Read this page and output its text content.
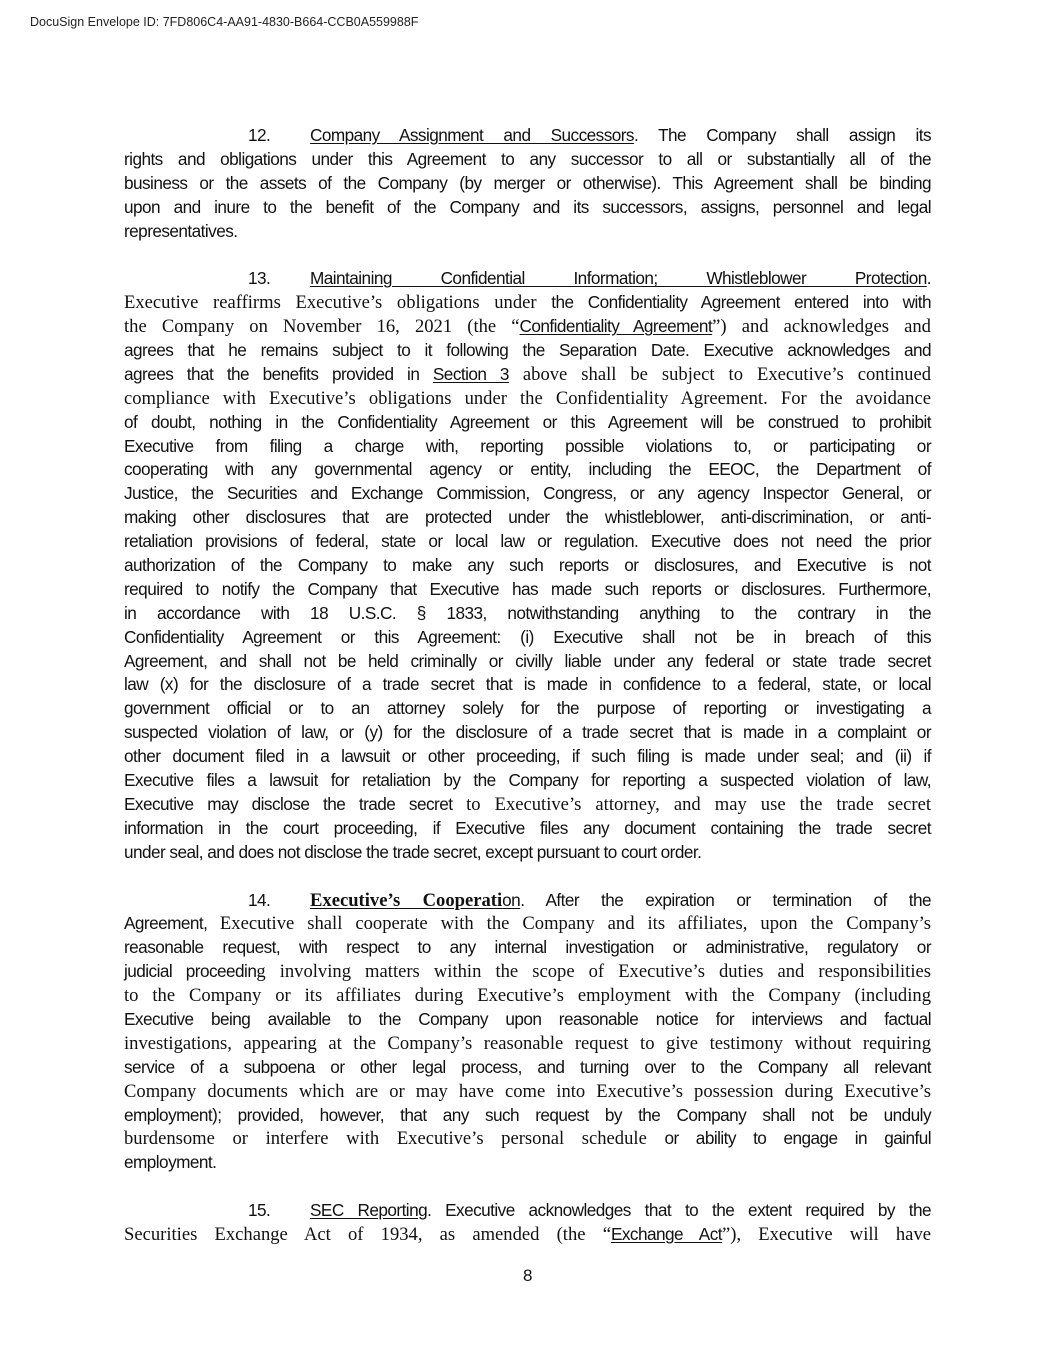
DocuSign Envelope ID: 7FD806C4-AA91-4830-B664-CCB0A559988F
12. Company Assignment and Successors. The Company shall assign its
rights and obligations under this Agreement to any successor to all or substantially all of the
business or the assets of the Company (by merger or otherwise). This Agreement shall be binding
upon and inure to the benefit of the Company and its successors, assigns, personnel and legal
representatives.
13. Maintaining Confidential Information; Whistleblower Protection.
Executive reaffirms Executive’s obligations under the Confidentiality Agreement entered into with
the Company on November 16, 2021 (the “Confidentiality Agreement”) and acknowledges and
agrees that he remains subject to it following the Separation Date. Executive acknowledges and
agrees that the benefits provided in Section 3 above shall be subject to Executive’s continued
compliance with Executive’s obligations under the Confidentiality Agreement. For the avoidance
of doubt, nothing in the Confidentiality Agreement or this Agreement will be construed to prohibit
Executive from filing a charge with, reporting possible violations to, or participating or
cooperating with any governmental agency or entity, including the EEOC, the Department of
Justice, the Securities and Exchange Commission, Congress, or any agency Inspector General, or
making other disclosures that are protected under the whistleblower, anti-discrimination, or anti-
retaliation provisions of federal, state or local law or regulation. Executive does not need the prior
authorization of the Company to make any such reports or disclosures, and Executive is not
required to notify the Company that Executive has made such reports or disclosures. Furthermore,
in accordance with 18 U.S.C. § 1833, notwithstanding anything to the contrary in the
Confidentiality Agreement or this Agreement: (i) Executive shall not be in breach of this
Agreement, and shall not be held criminally or civilly liable under any federal or state trade secret
law (x) for the disclosure of a trade secret that is made in confidence to a federal, state, or local
government official or to an attorney solely for the purpose of reporting or investigating a
suspected violation of law, or (y) for the disclosure of a trade secret that is made in a complaint or
other document filed in a lawsuit or other proceeding, if such filing is made under seal; and (ii) if
Executive files a lawsuit for retaliation by the Company for reporting a suspected violation of law,
Executive may disclose the trade secret to Executive’s attorney, and may use the trade secret
information in the court proceeding, if Executive files any document containing the trade secret
under seal, and does not disclose the trade secret, except pursuant to court order.
14. Executive’s Cooperation. After the expiration or termination of the
Agreement, Executive shall cooperate with the Company and its affiliates, upon the Company’s
reasonable request, with respect to any internal investigation or administrative, regulatory or
judicial proceeding involving matters within the scope of Executive’s duties and responsibilities
to the Company or its affiliates during Executive’s employment with the Company (including
Executive being available to the Company upon reasonable notice for interviews and factual
investigations, appearing at the Company’s reasonable request to give testimony without requiring
service of a subpoena or other legal process, and turning over to the Company all relevant
Company documents which are or may have come into Executive’s possession during Executive’s
employment); provided, however, that any such request by the Company shall not be unduly
burdensome or interfere with Executive’s personal schedule or ability to engage in gainful
employment.
15. SEC Reporting. Executive acknowledges that to the extent required by the
Securities Exchange Act of 1934, as amended (the “Exchange Act”), Executive will have
8
